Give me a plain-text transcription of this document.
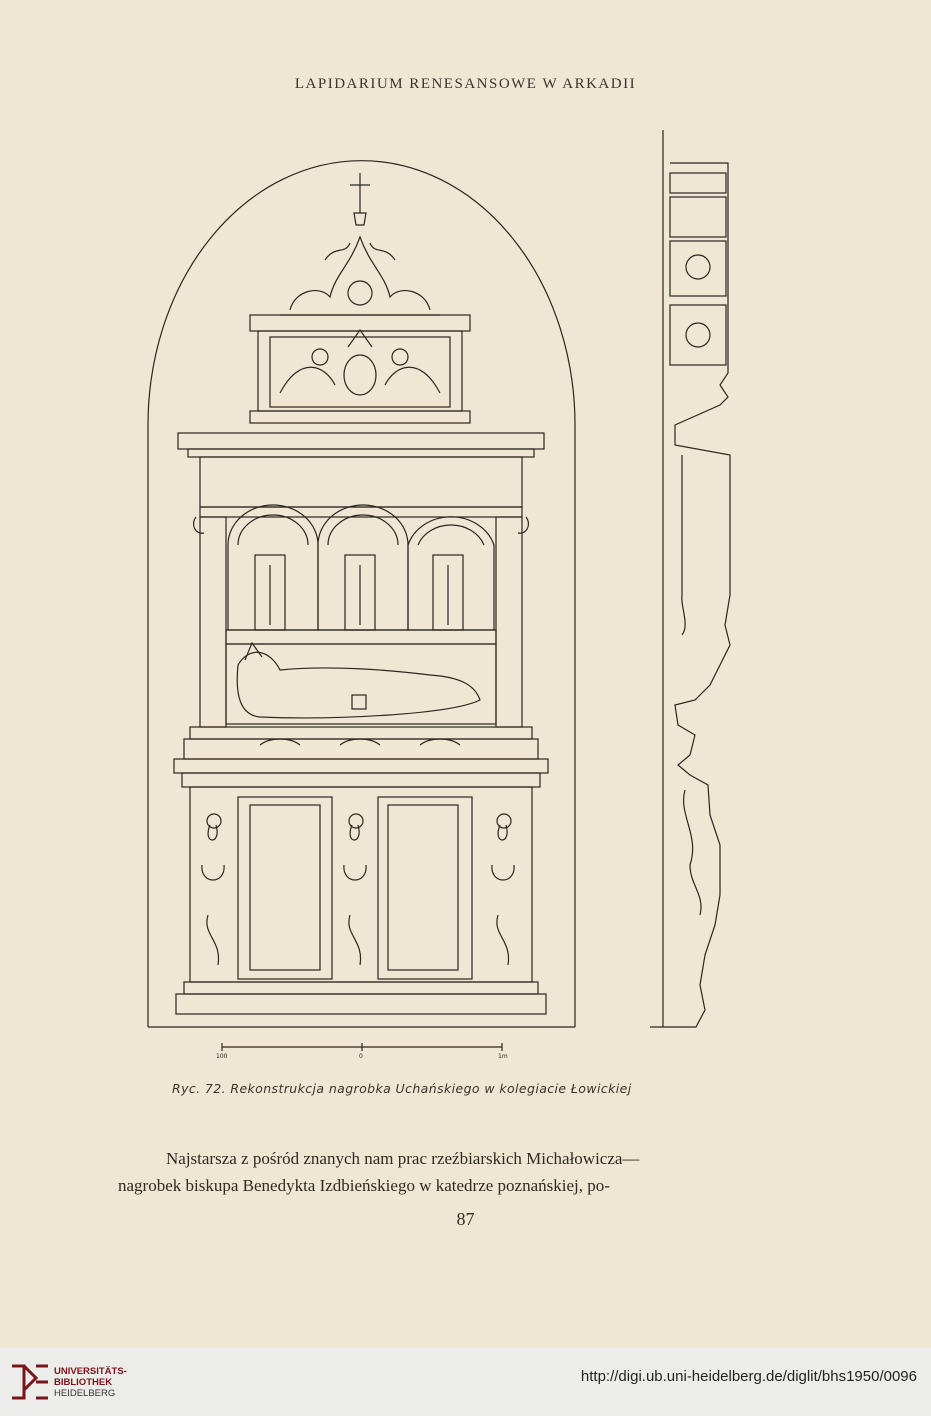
LAPIDARIUM RENESANSOWE W ARKADII
100	0	1m
Ryc. 72. Rekonstrukcja nagrobka Uchańskiego w kolegiacie Łowickiej

Najstarsza z pośród znanych nam prac rzeźbiarskich Michałowicza—

nagrobek biskupa Benedykta Izdbieńskiego w katedrze poznańskiej, po-
87
UNIVERSITÄTS-
BIBLIOTHEK
HEIDELBERG
http://digi.ub.uni-heidelberg.de/diglit/bhs1950/0096
